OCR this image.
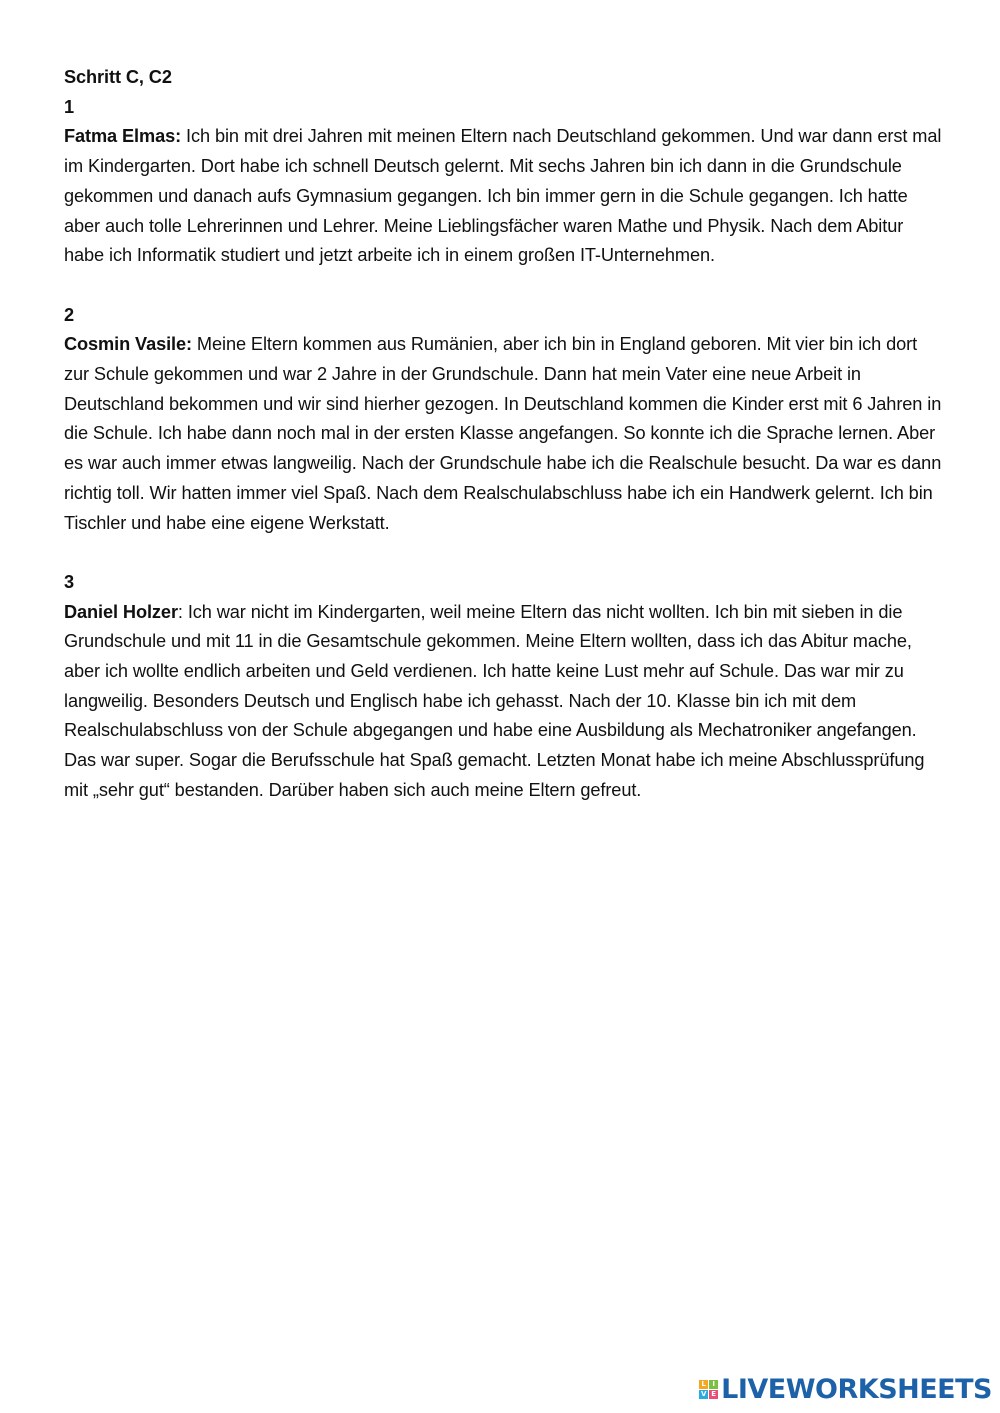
Schritt C, C2

1

Fatma Elmas: Ich bin mit drei Jahren mit meinen Eltern nach Deutschland gekommen. Und war dann erst mal im Kindergarten. Dort habe ich schnell Deutsch gelernt. Mit sechs Jahren bin ich dann in die Grundschule gekommen und danach aufs Gymnasium gegangen. Ich bin immer gern in die Schule gegangen. Ich hatte aber auch tolle Lehrerinnen und Lehrer. Meine Lieblingsfächer waren Mathe und Physik. Nach dem Abitur habe ich Informatik studiert und jetzt arbeite ich in einem großen IT-Unternehmen.

2

Cosmin Vasile: Meine Eltern kommen aus Rumänien, aber ich bin in England geboren. Mit vier bin ich dort zur Schule gekommen und war 2 Jahre in der Grundschule. Dann hat mein Vater eine neue Arbeit in Deutschland bekommen und wir sind hierher gezogen. In Deutschland kommen die Kinder erst mit 6 Jahren in die Schule. Ich habe dann noch mal in der ersten Klasse angefangen. So konnte ich die Sprache lernen. Aber es war auch immer etwas langweilig. Nach der Grundschule habe ich die Realschule besucht. Da war es dann richtig toll. Wir hatten immer viel Spaß. Nach dem Realschulabschluss habe ich ein Handwerk gelernt. Ich bin Tischler und habe eine eigene Werkstatt.

3

Daniel Holzer: Ich war nicht im Kindergarten, weil meine Eltern das nicht wollten. Ich bin mit sieben in die Grundschule und mit 11 in die Gesamtschule gekommen. Meine Eltern wollten, dass ich das Abitur mache, aber ich wollte endlich arbeiten und Geld verdienen. Ich hatte keine Lust mehr auf Schule. Das war mir zu langweilig. Besonders Deutsch und Englisch habe ich gehasst. Nach der 10. Klasse bin ich mit dem Realschulabschluss von der Schule abgegangen und habe eine Ausbildung als Mechatroniker angefangen. Das war super. Sogar die Berufsschule hat Spaß gemacht. Letzten Monat habe ich meine Abschlussprüfung mit „sehr gut“ bestanden. Darüber haben sich auch meine Eltern gefreut.

L I
V E LIVEWORKSHEETS
